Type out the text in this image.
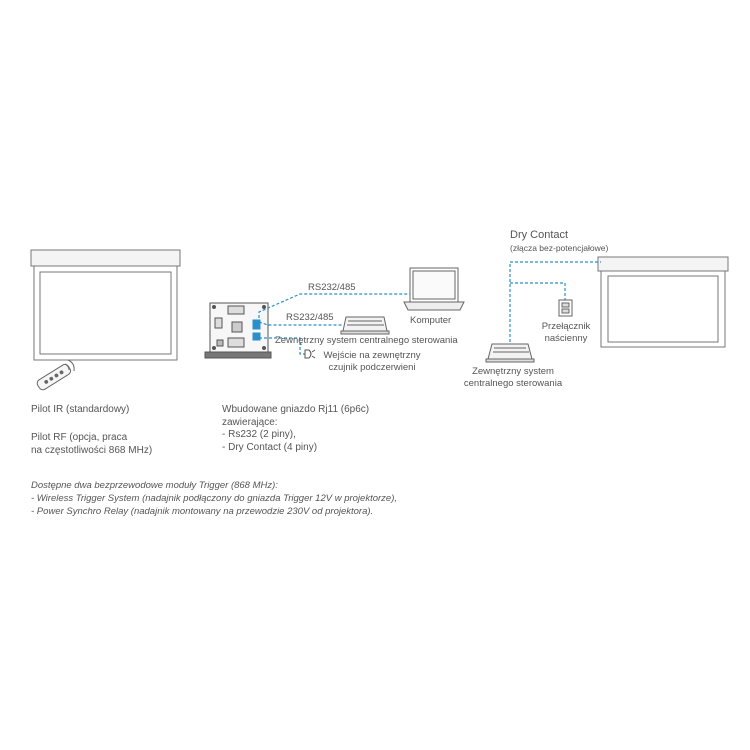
RS232/485
RS232/485	Komputer
Zewnętrzny system centralnego sterowania
Wejście na zewnętrzny
czujnik podczerwieni
Dry Contact
(złącza bez-potencjałowe)
Przełącznik
naścienny
Zewnętrzny system
centralnego sterowania
Pilot IR (standardowy)
Pilot RF (opcja, praca
na częstotliwości 868 MHz)
Wbudowane gniazdo Rj11 (6p6c)
zawierające:
- Rs232 (2 piny),
- Dry Contact (4 piny)
Dostępne dwa bezprzewodowe moduły Trigger (868 MHz):
- Wireless Trigger System (nadajnik podłączony do gniazda Trigger 12V w projektorze),
- Power Synchro Relay (nadajnik montowany na przewodzie 230V od projektora).
